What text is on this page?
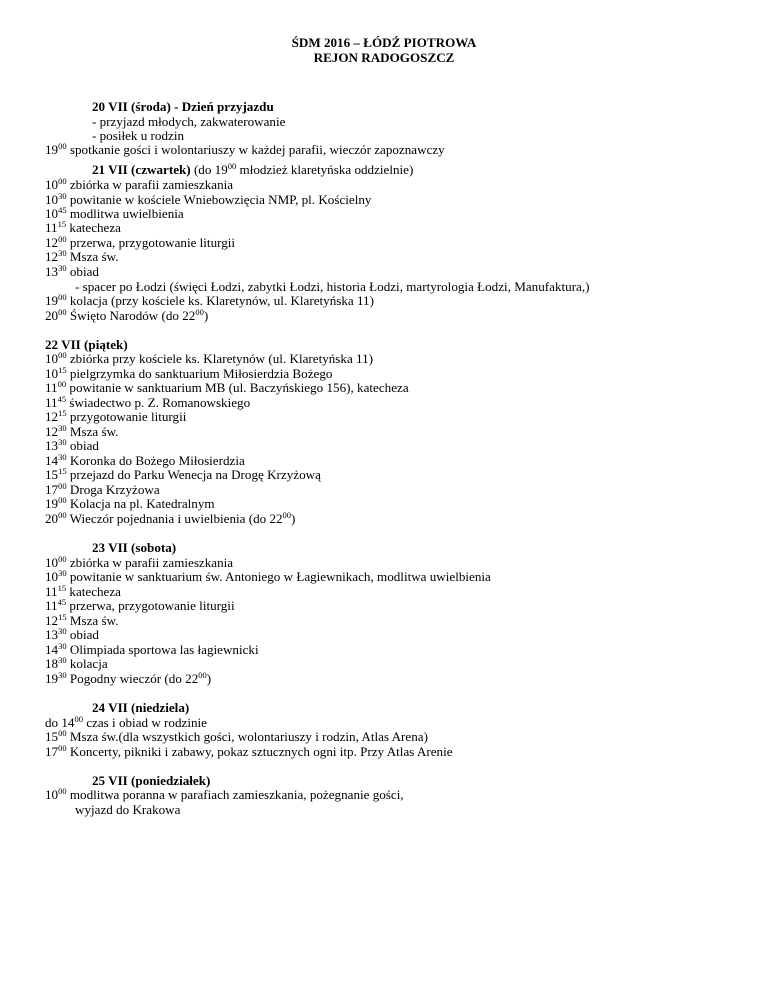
ŚDM 2016 – ŁÓDŹ PIOTROWA
REJON RADOGOSZCZ
20 VII (środa) - Dzień przyjazdu
- przyjazd młodych, zakwaterowanie
- posiłek u rodzin
$19^{00}$ spotkanie gości i wolontariuszy w każdej parafii, wieczór zapoznawczy
21 VII (czwartek) (do $19^{00}$ młodzież klaretyńska oddzielnie)
$10^{00}$ zbiórka w parafii zamieszkania
$10^{30}$ powitanie w kościele Wniebowzięcia NMP, pl. Kościelny
$10^{45}$ modlitwa uwielbienia
$11^{15}$ katecheza
$12^{00}$ przerwa, przygotowanie liturgii
$12^{30}$ Msza św.
$13^{30}$ obiad
- spacer po Łodzi (święci Łodzi, zabytki Łodzi, historia Łodzi, martyrologia Łodzi, Manufaktura,)
$19^{00}$ kolacja (przy kościele ks. Klaretynów, ul. Klaretyńska 11)
$20^{00}$ Święto Narodów (do $22^{00}$)
22 VII (piątek)
$10^{00}$ zbiórka przy kościele ks. Klaretynów (ul. Klaretyńska 11)
$10^{15}$ pielgrzymka do sanktuarium Miłosierdzia Bożego
$11^{00}$ powitanie w sanktuarium MB (ul. Baczyńskiego 156), katecheza
$11^{45}$ świadectwo p. Z. Romanowskiego
$12^{15}$ przygotowanie liturgii
$12^{30}$ Msza św.
$13^{30}$ obiad
$14^{30}$ Koronka do Bożego Miłosierdzia
$15^{15}$ przejazd do Parku Wenecja na Drogę Krzyżową
$17^{00}$ Droga Krzyżowa
$19^{00}$ Kolacja na pl. Katedralnym
$20^{00}$ Wieczór pojednania i uwielbienia (do $22^{00}$)
23 VII (sobota)
$10^{00}$ zbiórka w parafii zamieszkania
$10^{30}$ powitanie w sanktuarium św. Antoniego w Łagiewnikach, modlitwa uwielbienia
$11^{15}$ katecheza
$11^{45}$ przerwa, przygotowanie liturgii
$12^{15}$ Msza św.
$13^{30}$ obiad
$14^{30}$ Olimpiada sportowa las łagiewnicki
$18^{30}$ kolacja
$19^{30}$ Pogodny wieczór (do $22^{00}$)
24 VII (niedziela)
do $14^{00}$ czas i obiad w rodzinie
$15^{00}$ Msza św.(dla wszystkich gości, wolontariuszy i rodzin, Atlas Arena)
$17^{00}$ Koncerty, pikniki i zabawy, pokaz sztucznych ogni itp. Przy Atlas Arenie
25 VII (poniedziałek)
$10^{00}$ modlitwa poranna w parafiach zamieszkania, pożegnanie gości,
wyjazd do Krakowa
